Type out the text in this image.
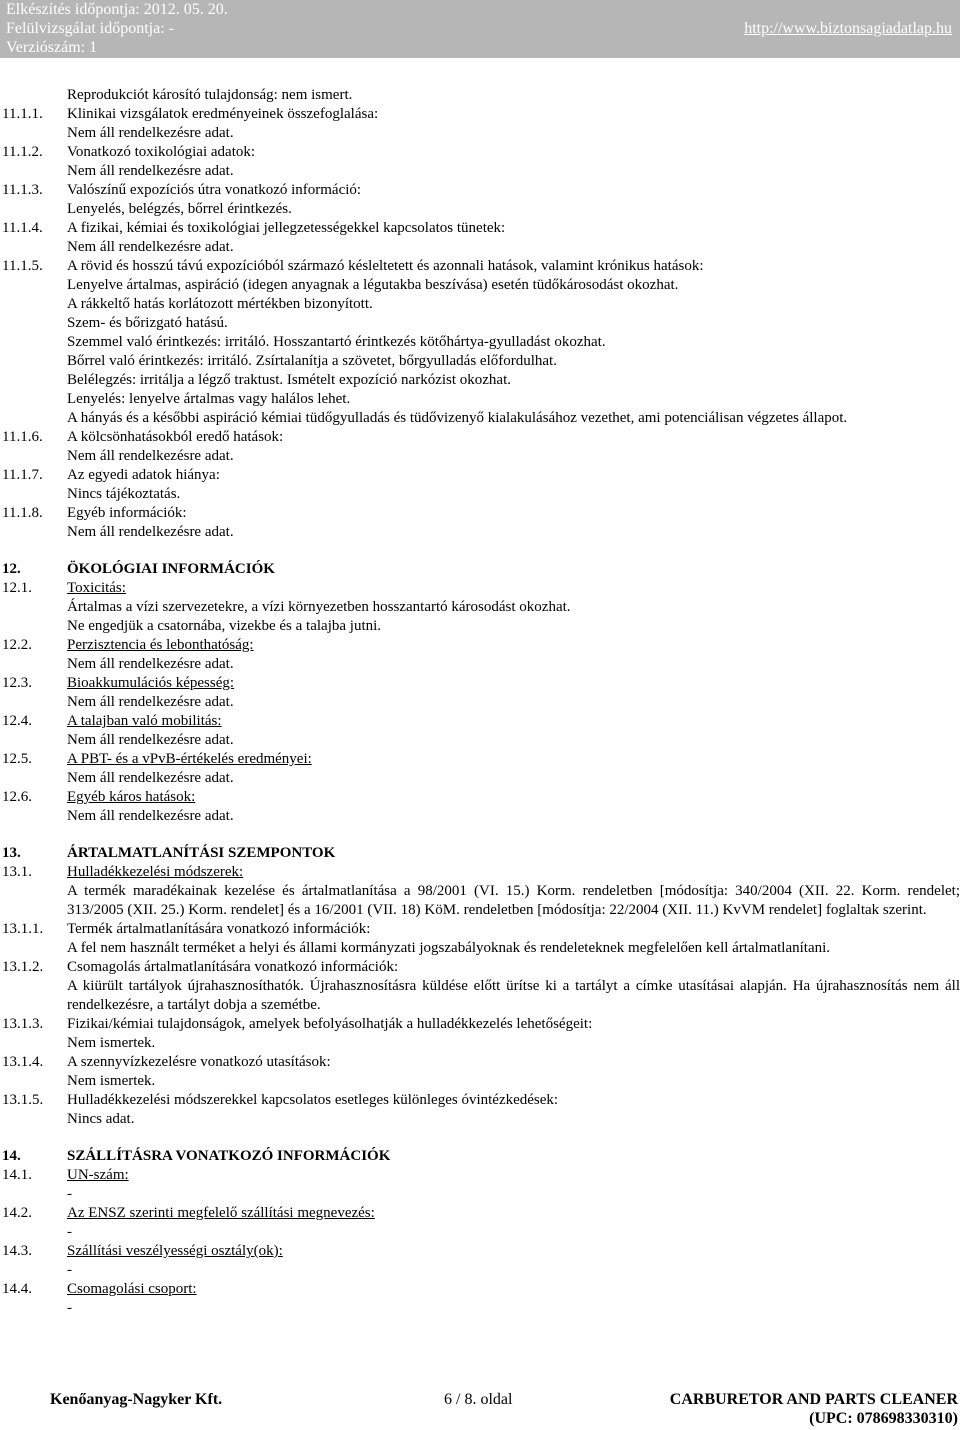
Elkészítés időpontja: 2012. 05. 20.
Felülvizsgálat időpontja: -
Verziószám: 1
http://www.biztonsagiadatlap.hu
Reprodukciót károsító tulajdonság: nem ismert.
11.1.1. Klinikai vizsgálatok eredményeinek összefoglalása:
Nem áll rendelkezésre adat.
11.1.2. Vonatkozó toxikológiai adatok:
Nem áll rendelkezésre adat.
11.1.3. Valószínű expozíciós útra vonatkozó információ:
Lenyelés, belégzés, bőrrel érintkezés.
11.1.4. A fizikai, kémiai és toxikológiai jellegzetességekkel kapcsolatos tünetek:
Nem áll rendelkezésre adat.
11.1.5. A rövid és hosszú távú expozícióból származó késleltetett és azonnali hatások, valamint krónikus hatások:
Lenyelve ártalmas, aspiráció (idegen anyagnak a légutakba beszívása) esetén tüdőkárosodást okozhat.
A rákkeltő hatás korlátozott mértékben bizonyított.
Szem- és bőrizgató hatású.
Szemmel való érintkezés: irritáló. Hosszantartó érintkezés kötőhártya-gyulladást okozhat.
Bőrrel való érintkezés: irritáló. Zsírtalanítja a szövetet, bőrgyulladás előfordulhat.
Belélegzés: irritálja a légző traktust. Ismételt expozíció narkózist okozhat.
Lenyelés: lenyelve ártalmas vagy halálos lehet.
A hányás és a későbbi aspiráció kémiai tüdőgyulladás és tüdővizenyő kialakulásához vezethet, ami potenciálisan végzetes állapot.
11.1.6. A kölcsönhatásokból eredő hatások:
Nem áll rendelkezésre adat.
11.1.7. Az egyedi adatok hiánya:
Nincs tájékoztatás.
11.1.8. Egyéb információk:
Nem áll rendelkezésre adat.
12.	ÖKOLÓGIAI INFORMÁCIÓK
12.1. Toxicitás:
Ártalmas a vízi szervezetekre, a vízi környezetben hosszantartó károsodást okozhat.
Ne engedjük a csatornába, vizekbe és a talajba jutni.
12.2. Perzisztencia és lebonthatóság:
Nem áll rendelkezésre adat.
12.3. Bioakkumulációs képesség:
Nem áll rendelkezésre adat.
12.4. A talajban való mobilitás:
Nem áll rendelkezésre adat.
12.5. A PBT- és a vPvB-értékelés eredményei:
Nem áll rendelkezésre adat.
12.6. Egyéb káros hatások:
Nem áll rendelkezésre adat.
13.	ÁRTALMATLANÍTÁSI SZEMPONTOK
13.1. Hulladékkezelési módszerek:
A termék maradékainak kezelése és ártalmatlanítása a 98/2001 (VI. 15.) Korm. rendeletben [módosítja: 340/2004 (XII. 22. Korm. rendelet; 313/2005 (XII. 25.) Korm. rendelet] és a 16/2001 (VII. 18) KöM. rendeletben [módosítja: 22/2004 (XII. 11.) KvVM rendelet] foglaltak szerint.
13.1.1. Termék ártalmatlanítására vonatkozó információk:
A fel nem használt terméket a helyi és állami kormányzati jogszabályoknak és rendeleteknek megfelelően kell ártalmatlanítani.
13.1.2. Csomagolás ártalmatlanítására vonatkozó információk:
A kiürült tartályok újrahasznosíthatók. Újrahasznosításra küldése előtt ürítse ki a tartályt a címke utasításai alapján. Ha újrahasznosítás nem áll rendelkezésre, a tartályt dobja a szemétbe.
13.1.3. Fizikai/kémiai tulajdonságok, amelyek befolyásolhatják a hulladékkezelés lehetőségeit:
Nem ismertek.
13.1.4. A szennyvízkezelésre vonatkozó utasítások:
Nem ismertek.
13.1.5. Hulladékkezelési módszerekkel kapcsolatos esetleges különleges óvintézkedések:
Nincs adat.
14.	SZÁLLÍTÁSRA VONATKOZÓ INFORMÁCIÓK
14.1. UN-szám:
-
14.2. Az ENSZ szerinti megfelelő szállítási megnevezés:
-
14.3. Szállítási veszélyességi osztály(ok):
-
14.4. Csomagolási csoport:
-
Kenőanyag-Nagyker Kft.	6 / 8. oldal	CARBURETOR AND PARTS CLEANER
(UPC: 078698330310)
